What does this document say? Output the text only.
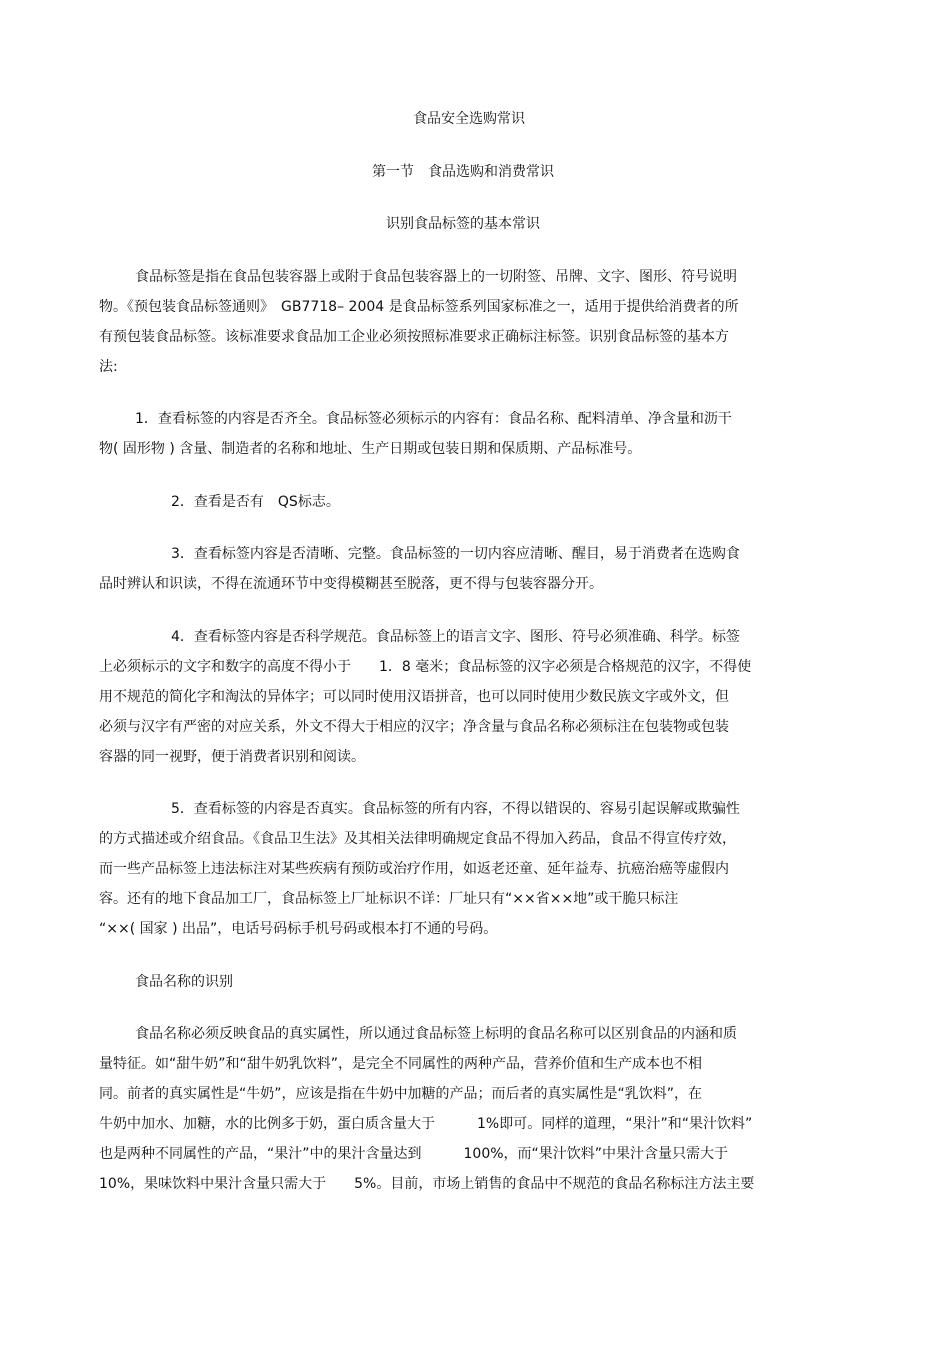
食品安全选购常识
第一节　食品选购和消费常识
识别食品标签的基本常识
食品标签是指在食品包装容器上或附于食品包装容器上的一切附签、吊牌、文字、图形、符号说明
物。《预包装食品标签通则》　GB7718– 2004 是食品标签系列国家标准之一，适用于提供给消费者的所
有预包装食品标签。该标准要求食品加工企业必须按照标准要求正确标注标签。识别食品标签的基本方
法:
1．查看标签的内容是否齐全。食品标签必须标示的内容有：食品名称、配料清单、净含量和沥干
物( 固形物 ) 含量、制造者的名称和地址、生产日期或包装日期和保质期、产品标准号。
2．查看是否有　QS标志。
3．查看标签内容是否清晰、完整。食品标签的一切内容应清晰、醒目，易于消费者在选购食
品时辨认和识读，不得在流通环节中变得模糊甚至脱落，更不得与包装容器分开。
4．查看标签内容是否科学规范。食品标签上的语言文字、图形、符号必须准确、科学。标签
上必须标示的文字和数字的高度不得小于　　1．8 毫米；食品标签的汉字必须是合格规范的汉字，不得使
用不规范的简化字和淘汰的异体字；可以同时使用汉语拼音，也可以同时使用少数民族文字或外文，但
必须与汉字有严密的对应关系，外文不得大于相应的汉字；净含量与食品名称必须标注在包装物或包装
容器的同一视野，便于消费者识别和阅读。
5．查看标签的内容是否真实。食品标签的所有内容，不得以错误的、容易引起误解或欺骗性
的方式描述或介绍食品。《食品卫生法》及其相关法律明确规定食品不得加入药品，食品不得宣传疗效，
而一些产品标签上违法标注对某些疾病有预防或治疗作用，如返老还童、延年益寿、抗癌治癌等虚假内
容。还有的地下食品加工厂，食品标签上厂址标识不详：厂址只有“××省××地”或干脆只标注
“××( 国家 ) 出品”，电话号码标手机号码或根本打不通的号码。
食品名称的识别
食品名称必须反映食品的真实属性，所以通过食品标签上标明的食品名称可以区别食品的内涵和质
量特征。如“甜牛奶”和“甜牛奶乳饮料”，是完全不同属性的两种产品，营养价值和生产成本也不相
同。前者的真实属性是“牛奶”，应该是指在牛奶中加糖的产品；而后者的真实属性是“乳饮料”，在
牛奶中加水、加糖，水的比例多于奶，蛋白质含量大于　　　1%即可。同样的道理，“果汁”和“果汁饮料”
也是两种不同属性的产品，“果汁”中的果汁含量达到　　　100%，而“果汁饮料”中果汁含量只需大于
10%，果味饮料中果汁含量只需大于　　5%。目前，市场上销售的食品中不规范的食品名称标注方法主要
